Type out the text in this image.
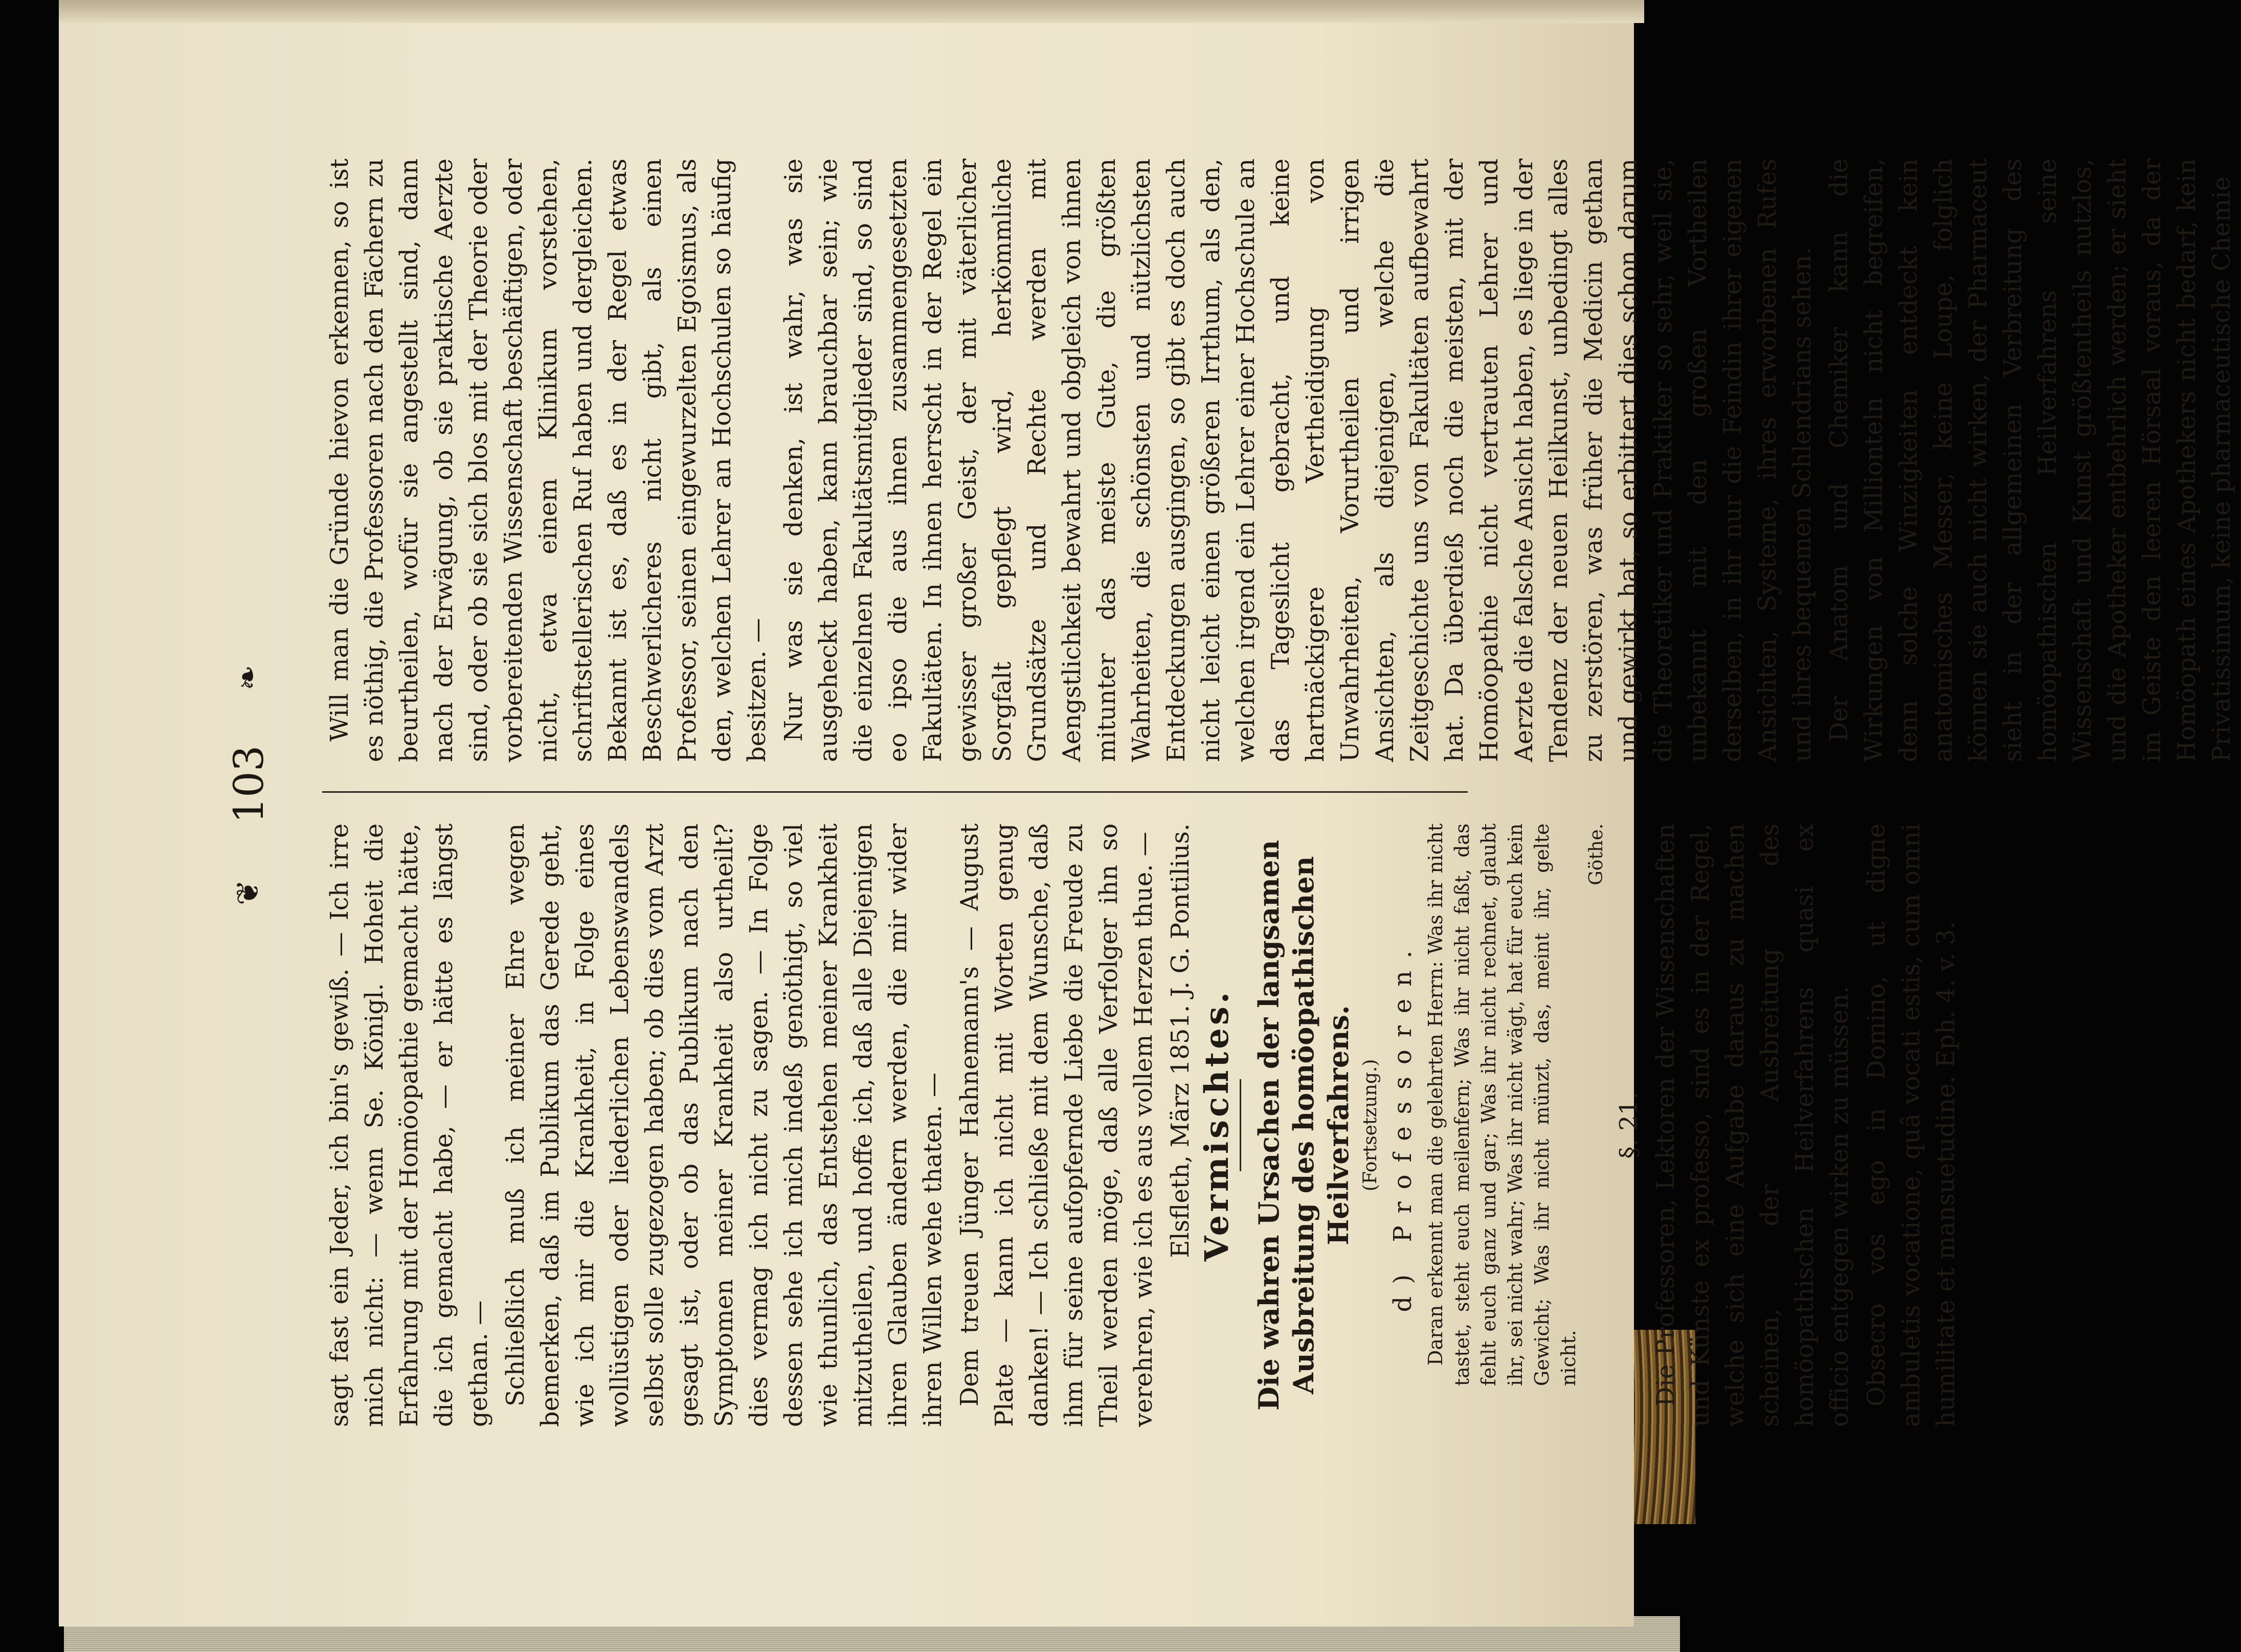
❦
103
❧

sagt fast ein Jeder, ich bin's gewiß. — Ich irre mich nicht: — wenn Se. Königl. Hoheit die Erfahrung mit der Homöopathie gemacht hätte, die ich gemacht habe, — er hätte es längst gethan. — Schließlich muß ich meiner Ehre wegen bemerken, daß im Publikum das Gerede geht, wie ich mir die Krankheit, in Folge eines wollüstigen oder liederlichen Lebenswandels selbst solle zugezogen haben; ob dies vom Arzt gesagt ist, oder ob das Publikum nach den Symptomen meiner Krankheit also urtheilt? dies vermag ich nicht zu sagen. — In Folge dessen sehe ich mich indeß genöthigt, so viel wie thunlich, das Entstehen meiner Krankheit mitzutheilen, und hoffe ich, daß alle Diejenigen ihren Glauben ändern werden, die mir wider ihren Willen wehe thaten. — Dem treuen Jünger Hahnemann's — August Plate — kann ich nicht mit Worten genug danken! — Ich schließe mit dem Wunsche, daß ihm für seine aufopfernde Liebe die Freude zu Theil werden möge, daß alle Verfolger ihn so verehren, wie ich es aus vollem Herzen thue. — Elsfleth, März 1851. J. G. Pontilius. Vermischtes. Die wahren Ursachen der langsamen Ausbreitung des homöopathischen Heilverfahrens. (Fortsetzung.) d) Professoren. Daran erkennt man die gelehrten Herrn: Was ihr nicht tastet, steht euch meilenfern; Was ihr nicht faßt, das fehlt euch ganz und gar; Was ihr nicht rechnet, glaubt ihr, sei nicht wahr; Was ihr nicht wägt, hat für euch kein Gewicht; Was ihr nicht münzt, das, meint ihr, gelte nicht.

Göthe.

§. 21. Die Professoren, Lektoren der Wissenschaften und Künste ex professo, sind es in der Regel, welche sich eine Aufgabe daraus zu machen scheinen, der Ausbreitung des homöopathischen Heilverfahrens quasi ex officio entgegen wirken zu müssen. Obsecro vos ego in Domino, ut digne ambuletis vocatione, quâ vocati estis, cum omni humilitate et mansuetudine. Eph. 4. v. 3.

Will man die Gründe hievon erkennen, so ist es nöthig, die Professoren nach den Fächern zu beurtheilen, wofür sie angestellt sind, dann nach der Erwägung, ob sie praktische Aerzte sind, oder ob sie sich blos mit der Theorie oder vorbereitenden Wissenschaft beschäftigen, oder nicht, etwa einem Klinikum vorstehen, schriftstellerischen Ruf haben und dergleichen. Bekannt ist es, daß es in der Regel etwas Beschwerlicheres nicht gibt, als einen Professor, seinen eingewurzelten Egoismus, als den, welchen Lehrer an Hochschulen so häufig besitzen. — Nur was sie denken, ist wahr, was sie ausgeheckt haben, kann brauchbar sein; wie die einzelnen Fakultätsmitglieder sind, so sind eo ipso die aus ihnen zusammengesetzten Fakultäten. In ihnen herrscht in der Regel ein gewisser großer Geist, der mit väterlicher Sorgfalt gepflegt wird, herkömmliche Grundsätze und Rechte werden mit Aengstlichkeit bewahrt und obgleich von ihnen mitunter das meiste Gute, die größten Wahrheiten, die schönsten und nützlichsten Entdeckungen ausgingen, so gibt es doch auch nicht leicht einen größeren Irrthum, als den, welchen irgend ein Lehrer einer Hochschule an das Tageslicht gebracht, und keine hartnäckigere Vertheidigung von Unwahrheiten, Vorurtheilen und irrigen Ansichten, als diejenigen, welche die Zeitgeschichte uns von Fakultäten aufbewahrt hat. Da überdieß noch die meisten, mit der Homöopathie nicht vertrauten Lehrer und Aerzte die falsche Ansicht haben, es liege in der Tendenz der neuen Heilkunst, unbedingt alles zu zerstören, was früher die Medicin gethan und gewirkt hat, so erbittert dies schon darum die Theoretiker und Praktiker so sehr, weil sie, unbekannt mit den großen Vortheilen derselben, in ihr nur die Feindin ihrer eigenen Ansichten, Systeme, ihres erworbenen Rufes und ihres bequemen Schlendrians sehen. Der Anatom und Chemiker kann die Wirkungen von Millionteln nicht begreifen, denn solche Winzigkeiten entdeckt kein anatomisches Messer, keine Loupe, folglich können sie auch nicht wirken, der Pharmaceut sieht in der allgemeinen Verbreitung des homöopathischen Heilverfahrens seine Wissenschaft und Kunst größtentheils nutzlos, und die Apotheker entbehrlich werden; er sieht im Geiste den leeren Hörsaal voraus, da der Homöopath eines Apothekers nicht bedarf, kein Privatissimum, keine pharmaceutische Chemie
